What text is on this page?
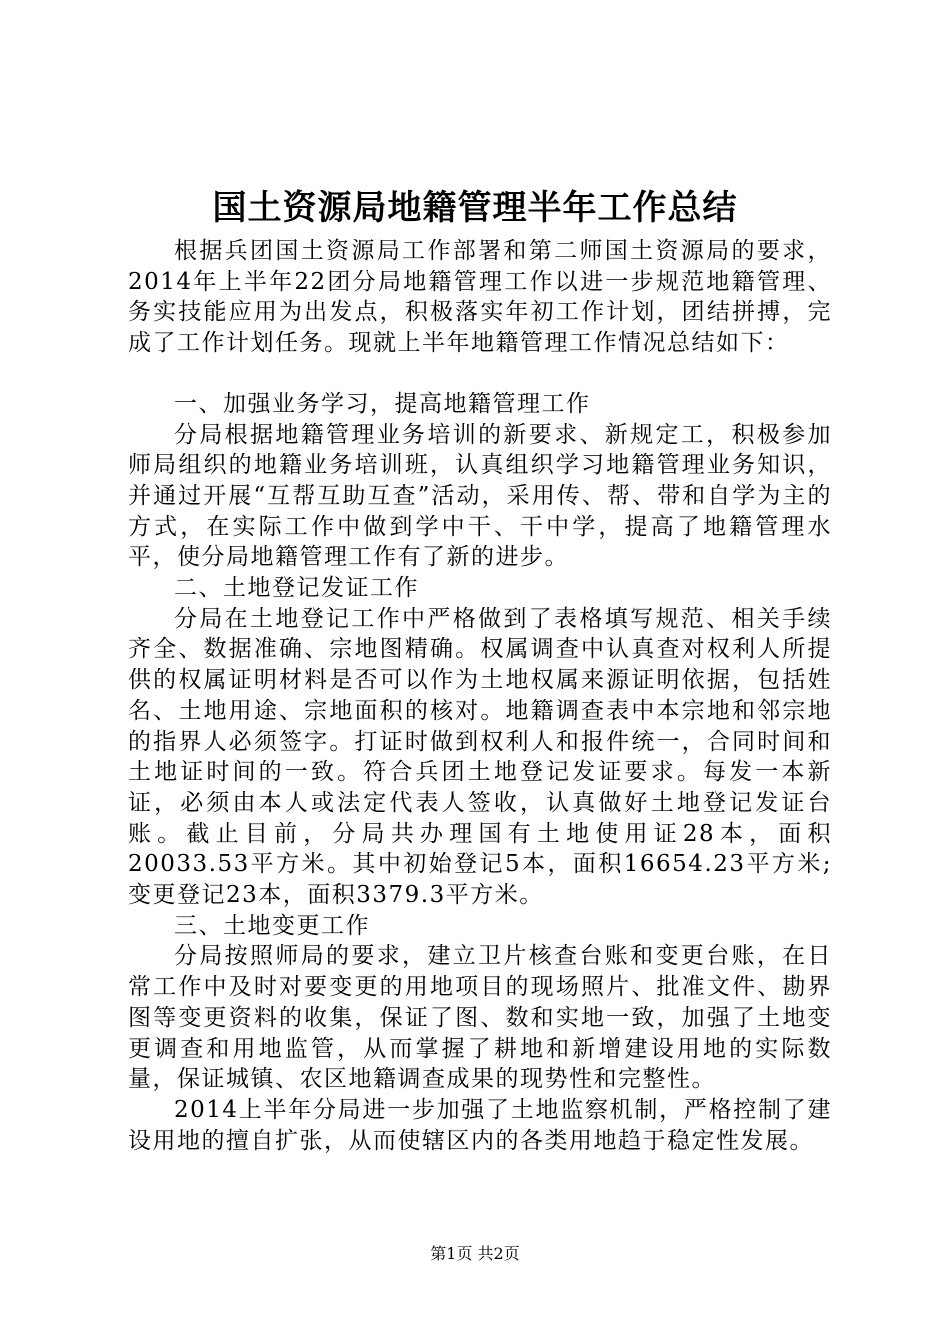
国土资源局地籍管理半年工作总结

根据兵团国土资源局工作部署和第二师国土资源局的要求，2014年上半年22团分局地籍管理工作以进一步规范地籍管理、务实技能应用为出发点，积极落实年初工作计划，团结拼搏，完成了工作计划任务。现就上半年地籍管理工作情况总结如下：

一、加强业务学习，提高地籍管理工作

分局根据地籍管理业务培训的新要求、新规定工，积极参加师局组织的地籍业务培训班，认真组织学习地籍管理业务知识，并通过开展“互帮互助互查”活动，采用传、帮、带和自学为主的方式，在实际工作中做到学中干、干中学，提高了地籍管理水平，使分局地籍管理工作有了新的进步。

二、土地登记发证工作

分局在土地登记工作中严格做到了表格填写规范、相关手续齐全、数据准确、宗地图精确。权属调查中认真查对权利人所提供的权属证明材料是否可以作为土地权属来源证明依据，包括姓名、土地用途、宗地面积的核对。地籍调查表中本宗地和邻宗地的指界人必须签字。打证时做到权利人和报件统一，合同时间和土地证时间的一致。符合兵团土地登记发证要求。每发一本新证，必须由本人或法定代表人签收，认真做好土地登记发证台账。截止目前，分局共办理国有土地使用证28本，面积20033.53平方米。其中初始登记5本，面积16654.23平方米;变更登记23本，面积3379.3平方米。

三、土地变更工作

分局按照师局的要求，建立卫片核查台账和变更台账，在日常工作中及时对要变更的用地项目的现场照片、批准文件、勘界图等变更资料的收集，保证了图、数和实地一致，加强了土地变更调查和用地监管，从而掌握了耕地和新增建设用地的实际数量，保证城镇、农区地籍调查成果的现势性和完整性。

2014上半年分局进一步加强了土地监察机制，严格控制了建设用地的擅自扩张，从而使辖区内的各类用地趋于稳定性发展。

第1页 共2页
